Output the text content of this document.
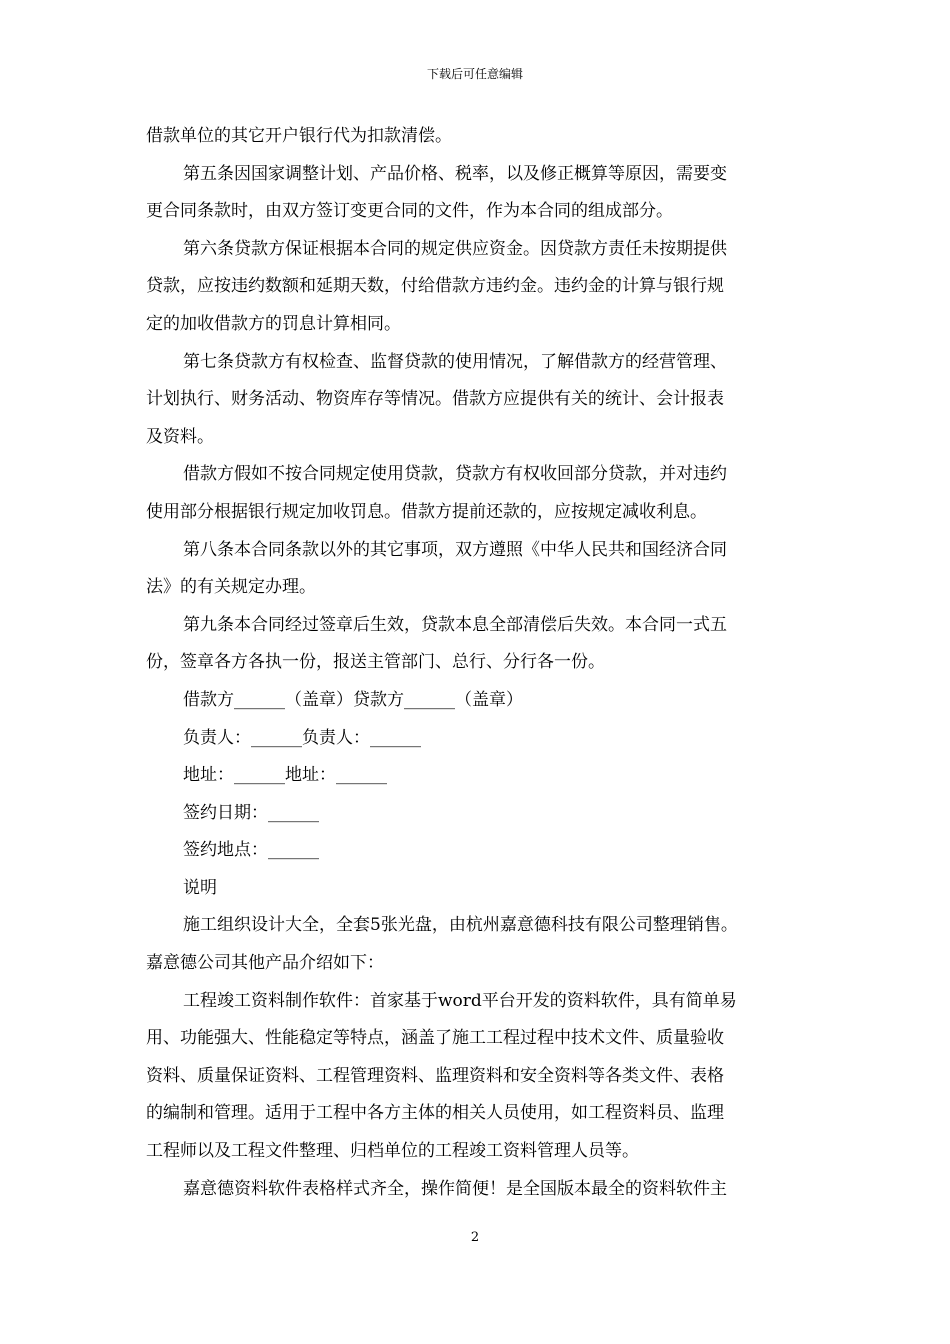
下载后可任意编辑

借款单位的其它开户银行代为扣款清偿。

第五条因国家调整计划、产品价格、税率，以及修正概算等原因，需要变

更合同条款时，由双方签订变更合同的文件，作为本合同的组成部分。

第六条贷款方保证根据本合同的规定供应资金。因贷款方责任未按期提供

贷款，应按违约数额和延期天数，付给借款方违约金。违约金的计算与银行规

定的加收借款方的罚息计算相同。

第七条贷款方有权检查、监督贷款的使用情况，了解借款方的经营管理、

计划执行、财务活动、物资库存等情况。借款方应提供有关的统计、会计报表

及资料。

借款方假如不按合同规定使用贷款，贷款方有权收回部分贷款，并对违约

使用部分根据银行规定加收罚息。借款方提前还款的，应按规定减收利息。

第八条本合同条款以外的其它事项，双方遵照《中华人民共和国经济合同

法》的有关规定办理。

第九条本合同经过签章后生效，贷款本息全部清偿后失效。本合同一式五

份，签章各方各执一份，报送主管部门、总行、分行各一份。

借款方______（盖章）贷款方______（盖章）

负责人：______负责人：______

地址：______地址：______

签约日期：______

签约地点：______

说明

施工组织设计大全，全套5张光盘，由杭州嘉意德科技有限公司整理销售。

嘉意德公司其他产品介绍如下：

工程竣工资料制作软件：首家基于word平台开发的资料软件，具有简单易

用、功能强大、性能稳定等特点，涵盖了施工工程过程中技术文件、质量验收

资料、质量保证资料、工程管理资料、监理资料和安全资料等各类文件、表格

的编制和管理。适用于工程中各方主体的相关人员使用，如工程资料员、监理

工程师以及工程文件整理、归档单位的工程竣工资料管理人员等。

嘉意德资料软件表格样式齐全，操作简便！是全国版本最全的资料软件主

2
